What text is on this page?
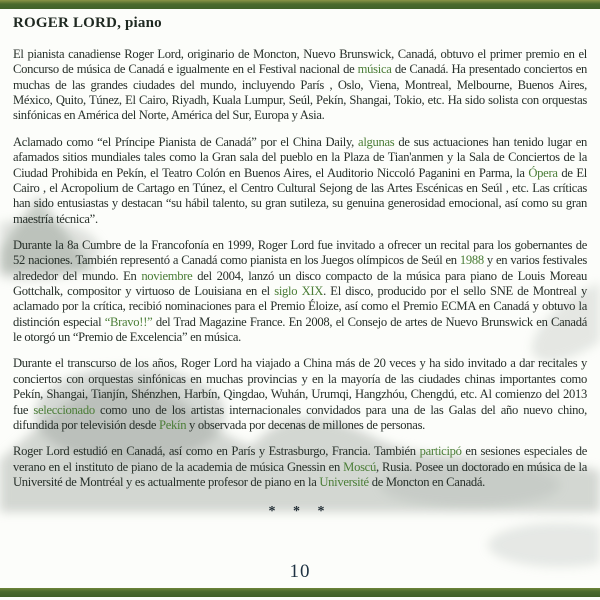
ROGER LORD, piano

El pianista canadiense Roger Lord, originario de Moncton, Nuevo Brunswick, Canadá, obtuvo el primer premio en el Concurso de música de Canadá e igualmente en el Festival nacional de música de Canadá. Ha presentado conciertos en muchas de las grandes ciudades del mundo, incluyendo París , Oslo, Viena, Montreal, Melbourne, Buenos Aires, México, Quito, Túnez, El Cairo, Riyadh, Kuala Lumpur, Seúl, Pekín, Shangai, Tokio, etc. Ha sido solista con orquestas sinfónicas en América del Norte, América del Sur, Europa y Asia.

Aclamado como “el Príncipe Pianista de Canadá” por el China Daily, algunas de sus actuaciones han tenido lugar en afamados sitios mundiales tales como la Gran sala del pueblo en la Plaza de Tian'anmen y la Sala de Conciertos de la Ciudad Prohibida en Pekín, el Teatro Colón en Buenos Aires, el Auditorio Niccoló Paganini en Parma, la Ópera de El Cairo , el Acropolium de Cartago en Túnez, el Centro Cultural Sejong de las Artes Escénicas en Seúl , etc. Las críticas han sido entusiastas y destacan “su hábil talento, su gran sutileza, su genuina generosidad emocional, así como su gran maestría técnica”.

Durante la 8a Cumbre de la Francofonía en 1999, Roger Lord fue invitado a ofrecer un recital para los gobernantes de 52 naciones. También representó a Canadá como pianista en los Juegos olímpicos de Seúl en 1988 y en varios festivales alrededor del mundo. En noviembre del 2004, lanzó un disco compacto de la música para piano de Louis Moreau Gottchalk, compositor y virtuoso de Louisiana en el siglo XIX. El disco, producido por el sello SNE de Montreal y aclamado por la crítica, recibió nominaciones para el Premio Éloize, así como el Premio ECMA en Canadá y obtuvo la distinción especial “Bravo!!” del Trad Magazine France. En 2008, el Consejo de artes de Nuevo Brunswick en Canadá le otorgó un “Premio de Excelencia” en música.

Durante el transcurso de los años, Roger Lord ha viajado a China más de 20 veces y ha sido invitado a dar recitales y conciertos con orquestas sinfónicas en muchas provincias y en la mayoría de las ciudades chinas importantes como Pekín, Shangai, Tianjín, Shénzhen, Harbín, Qingdao, Wuhán, Urumqi, Hangzhóu, Chengdú, etc. Al comienzo del 2013 fue seleccionado como uno de los artistas internacionales convidados para una de las Galas del año nuevo chino, difundida por televisión desde Pekín y observada por decenas de millones de personas.

Roger Lord estudió en Canadá, así como en París y Estrasburgo, Francia. También participó en sesiones especiales de verano en el instituto de piano de la academia de música Gnessin en Moscú, Rusia. Posee un doctorado en música de la Université de Montréal y es actualmente profesor de piano en la Université de Moncton en Canadá.

* * *
10
